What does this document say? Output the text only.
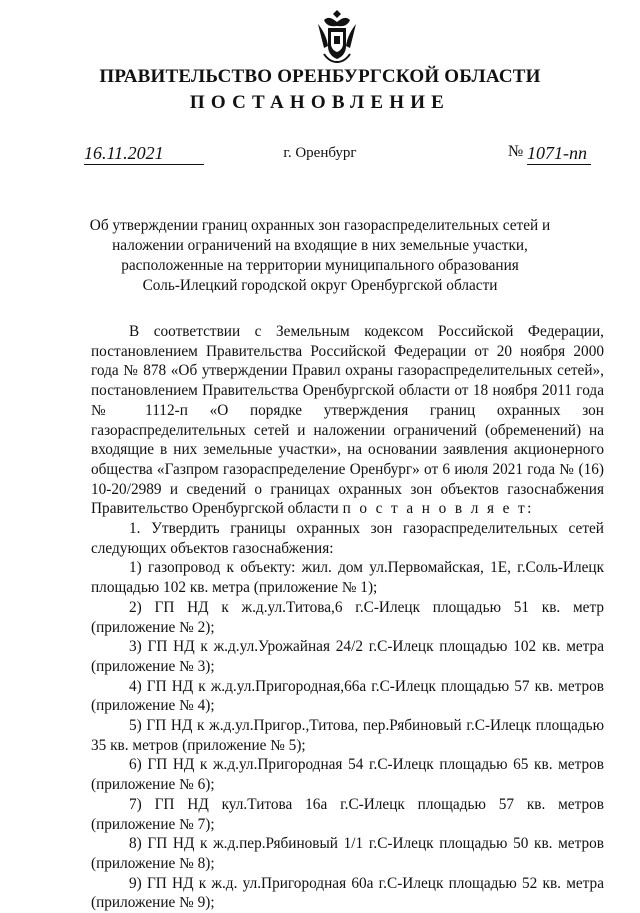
ПРАВИТЕЛЬСТВО ОРЕНБУРГСКОЙ ОБЛАСТИ
ПОСТАНОВЛЕНИЕ
16.11.2021	г. Оренбург	№ 1071-пп
Об утверждении границ охранных зон газораспределительных сетей и
наложении ограничений на входящие в них земельные участки,
расположенные на территории муниципального образования
Соль-Илецкий городской округ Оренбургской области

В соответствии с Земельным кодексом Российской Федерации, постановлением Правительства Российской Федерации от 20 ноября 2000 года № 878 «Об утверждении Правил охраны газораспределительных сетей», постановлением Правительства Оренбургской области от 18 ноября 2011 года № 1112-п «О порядке утверждения границ охранных зон газораспределительных сетей и наложении ограничений (обременений) на входящие в них земельные участки», на основании заявления акционерного общества «Газпром газораспределение Оренбург» от 6 июля 2021 года № (16) 10-20/2989 и сведений о границах охранных зон объектов газоснабжения Правительство Оренбургской области п о с т а н о в л я е т:

1. Утвердить границы охранных зон газораспределительных сетей следующих объектов газоснабжения:

1) газопровод к объекту: жил. дом ул.Первомайская, 1Е, г.Соль-Илецк площадью 102 кв. метра (приложение № 1);

2) ГП НД к ж.д.ул.Титова,6 г.С-Илецк площадью 51 кв. метр (приложение № 2);

3) ГП НД к ж.д.ул.Урожайная 24/2 г.С-Илецк площадью 102 кв. метра (приложение № 3);

4) ГП НД к ж.д.ул.Пригородная,66а г.С-Илецк площадью 57 кв. метров (приложение № 4);

5) ГП НД к ж.д.ул.Пригор.,Титова, пер.Рябиновый г.С-Илецк площадью 35 кв. метров (приложение № 5);

6) ГП НД к ж.д.ул.Пригородная 54 г.С-Илецк площадью 65 кв. метров (приложение № 6);

7) ГП НД кул.Титова 16а г.С-Илецк площадью 57 кв. метров (приложение № 7);

8) ГП НД к ж.д.пер.Рябиновый 1/1 г.С-Илецк площадью 50 кв. метров (приложение № 8);

9) ГП НД к ж.д. ул.Пригородная 60а г.С-Илецк площадью 52 кв. метра (приложение № 9);
